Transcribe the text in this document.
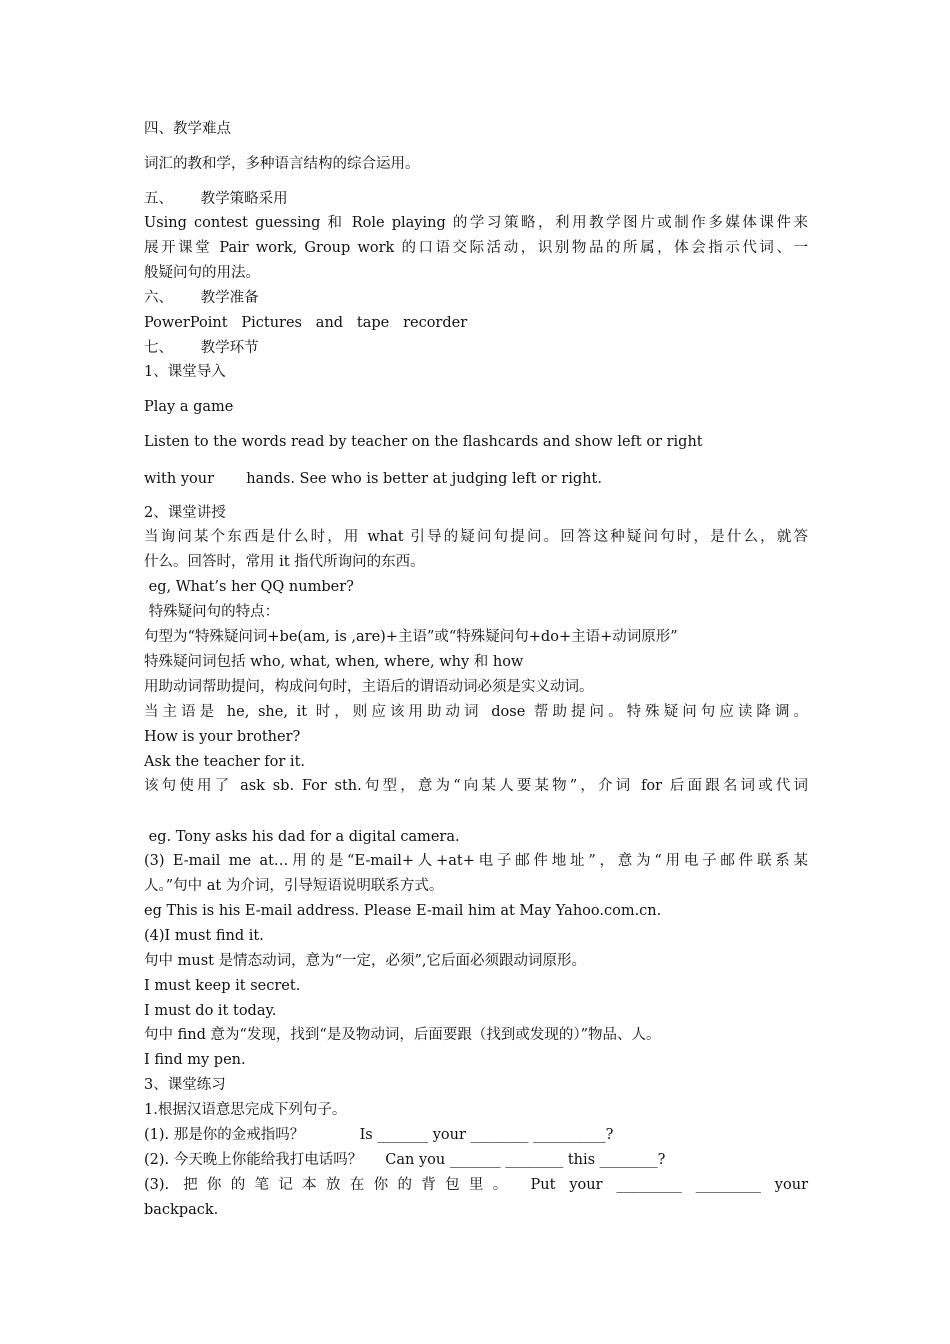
四、教学难点
词汇的教和学，多种语言结构的综合运用。
五、      教学策略采用
Using contest guessing 和 Role playing 的学习策略，利用教学图片或制作多媒体课件来
展开课堂 Pair work, Group work 的口语交际活动，识别物品的所属，体会指示代词、一
般疑问句的用法。
六、      教学准备
PowerPoint   Pictures   and   tape   recorder
七、      教学环节
1、课堂导入
Play a game
Listen to the words read by teacher on the flashcards and show left or right
with your       hands. See who is better at judging left or right.
2、课堂讲授
当询问某个东西是什么时，用 what 引导的疑问句提问。回答这种疑问句时，是什么，就答
什么。回答时，常用 it 指代所询问的东西。
eg, What’s her QQ number?
特殊疑问句的特点：
句型为“特殊疑问词+be(am, is ,are)+主语”或“特殊疑问句+do+主语+动词原形”
特殊疑问词包括 who, what, when, where, why 和 how
用助动词帮助提问，构成问句时，主语后的谓语动词必须是实义动词。
当主语是 he, she, it 时，则应该用助动词 dose 帮助提问。特殊疑问句应读降调。
How is your brother?
Ask the teacher for it.
该句使用了 ask sb. For sth.句型，意为“向某人要某物”，介词 for 后面跟名词或代词
eg. Tony asks his dad for a digital camera.
(3) E-mail me at…用的是“E-mail+人+at+电子邮件地址”，意为“用电子邮件联系某
人。”句中 at 为介词，引导短语说明联系方式。
eg This is his E-mail address. Please E-mail him at May Yahoo.com.cn.
(4)I must find it.
句中 must 是情态动词，意为“一定，必须”,它后面必须跟动词原形。
I must keep it secret.
I must do it today.
句中 find 意为“发现，找到“是及物动词，后面要跟（找到或发现的）”物品、人。
I find my pen.
3、课堂练习
1.根据汉语意思完成下列句子。
(1). 那是你的金戒指吗？            Is _______ your ________ __________?
(2). 今天晚上你能给我打电话吗？     Can you _______ ________ this ________?
(3). 把你的笔记本放在你的背包里。 Put your _________ _________ your
backpack.
